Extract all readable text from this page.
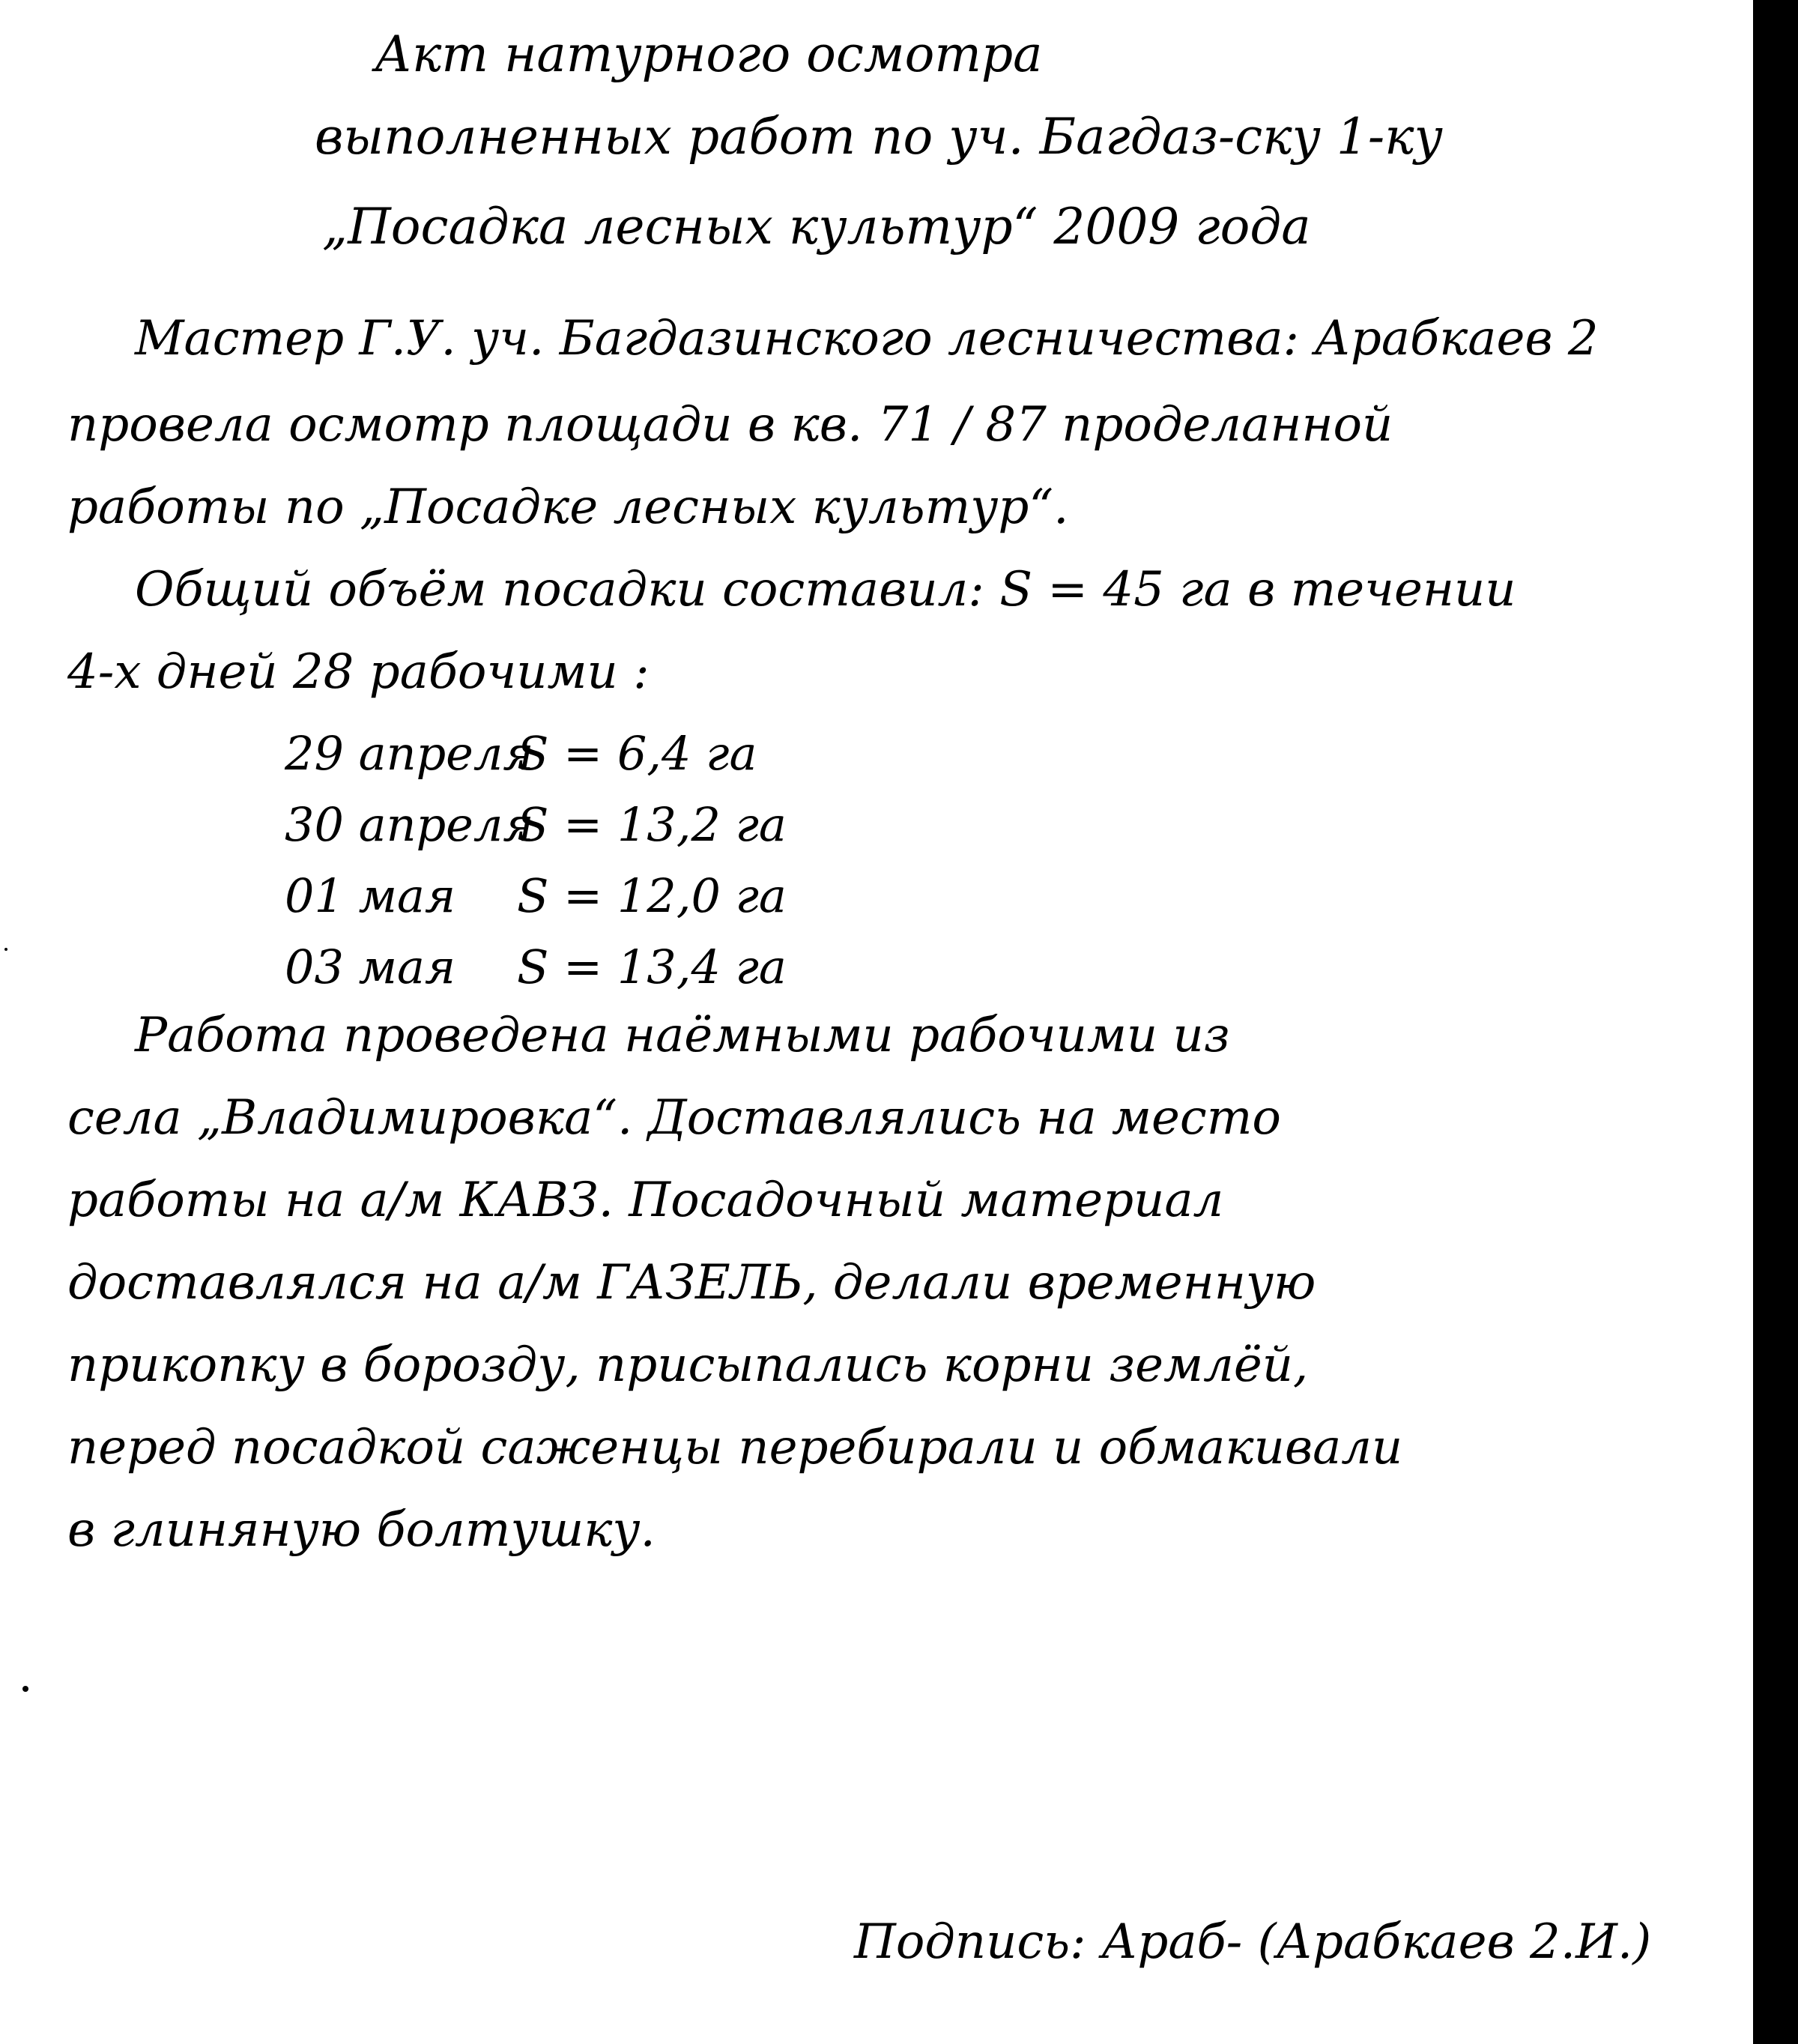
Акт натурного осмотра
выполненных работ по уч. Багдаз-ску 1-ку
„Посадка лесных культур“ 2009 года
Мастер Г.У. уч. Багдазинского лесничества: Арабкаев 2
провела осмотр площади в кв. 71 / 87 проделанной
работы по „Посадке лесных культур“.
Общий объём посадки составил: S = 45 га в течении
4-х дней 28 рабочими :
29 апреляS = 6,4 га
30 апреляS = 13,2 га
01 мая S = 12,0 га
03 мая S = 13,4 га
Работа проведена наёмными рабочими из
села „Владимировка“. Доставлялись на место
работы на а/м КАВЗ. Посадочный материал
доставлялся на а/м ГАЗЕЛЬ, делали временную
прикопку в борозду, присыпались корни землёй,
перед посадкой саженцы перебирали и обмакивали
в глиняную болтушку.
Подпись: Араб- (Арабкаев 2.И.)
